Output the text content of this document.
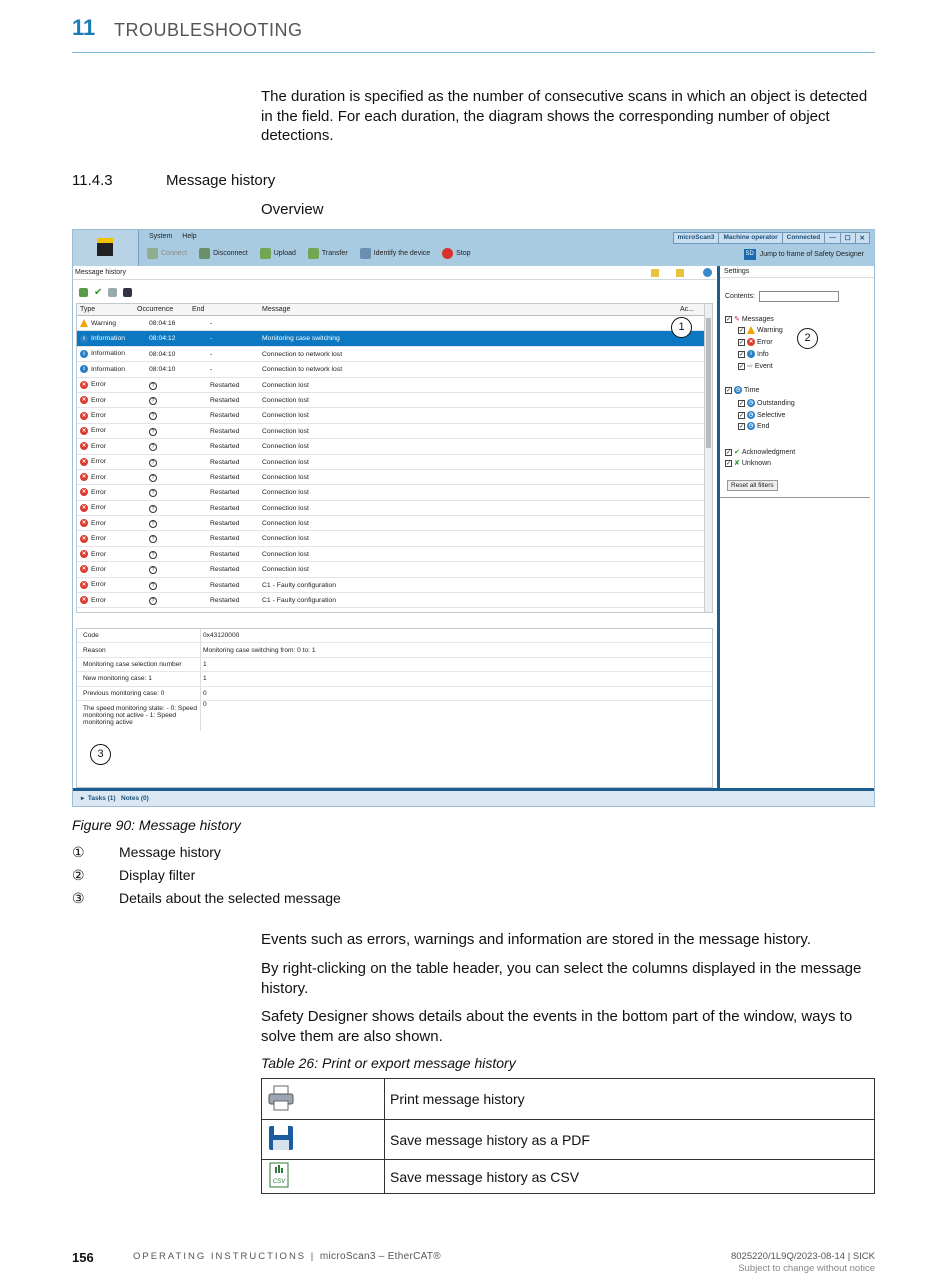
11 TROUBLESHOOTING
The duration is specified as the number of consecutive scans in which an object is detected in the field. For each duration, the diagram shows the corresponding number of object detections.
11.4.3	Message history
Overview
System Help
Connect	Disconnect	Upload	Transfer	Identify the device	Stop
microScan3	Machine operator	Connected	—	☐	✕
SD Jump to frame of Safety Designer
Message history
✔
Type	Occurrence	End	Message	Ac...
Warning	08:04:16	-
i Information	08:04:12	-	Monitoring case switching
i Information	08:04:10	-	Connection to network lost
i Information	08:04:10	-	Connection to network lost
✕ Error	?	Restarted	Connection lost
✕ Error	?	Restarted	Connection lost
✕ Error	?	Restarted	Connection lost
✕ Error	?	Restarted	Connection lost
✕ Error	?	Restarted	Connection lost
✕ Error	?	Restarted	Connection lost
✕ Error	?	Restarted	Connection lost
✕ Error	?	Restarted	Connection lost
✕ Error	?	Restarted	Connection lost
✕ Error	?	Restarted	Connection lost
✕ Error	?	Restarted	Connection lost
✕ Error	?	Restarted	Connection lost
✕ Error	?	Restarted	Connection lost
✕ Error	?	Restarted	C1 - Faulty configuration
✕ Error	?	Restarted	C1 - Faulty configuration
Code	0x43120000
Reason	Monitoring case switching from: 0 to: 1
Monitoring case selection number	1
New monitoring case: 1	1
Previous monitoring case: 0	0
The speed monitoring state: - 0: Speed monitoring not active - 1: Speed monitoring active
0
Settings
Contents:
✓ ✎ Messages
✓ Warning
✓ ✕ Error
✓	i Info
✓ ⇨ Event
✓ ◷ Time
✓ ◷ Outstanding
✓ ◷ Selective
✓ ◷ End
✓ ✔ Acknowledgment
✓ ✘ Unknown
Reset all filters
▸ Tasks (1) Notes (0)
1
2
3
Figure 90: Message history
① Message history
② Display filter
③ Details about the selected message
Events such as errors, warnings and information are stored in the message history.
By right-clicking on the table header, you can select the columns displayed in the message history.
Safety Designer shows details about the events in the bottom part of the window, ways to solve them are also shown.
Table 26: Print or export message history
	Print message history
	Save message history as a PDF

CSV	Save message history as CSV
156	OPERATING INSTRUCTIONS | microScan3 – EtherCAT®	8025220/1L9Q/2023-08-14 | SICK
Subject to change without notice
